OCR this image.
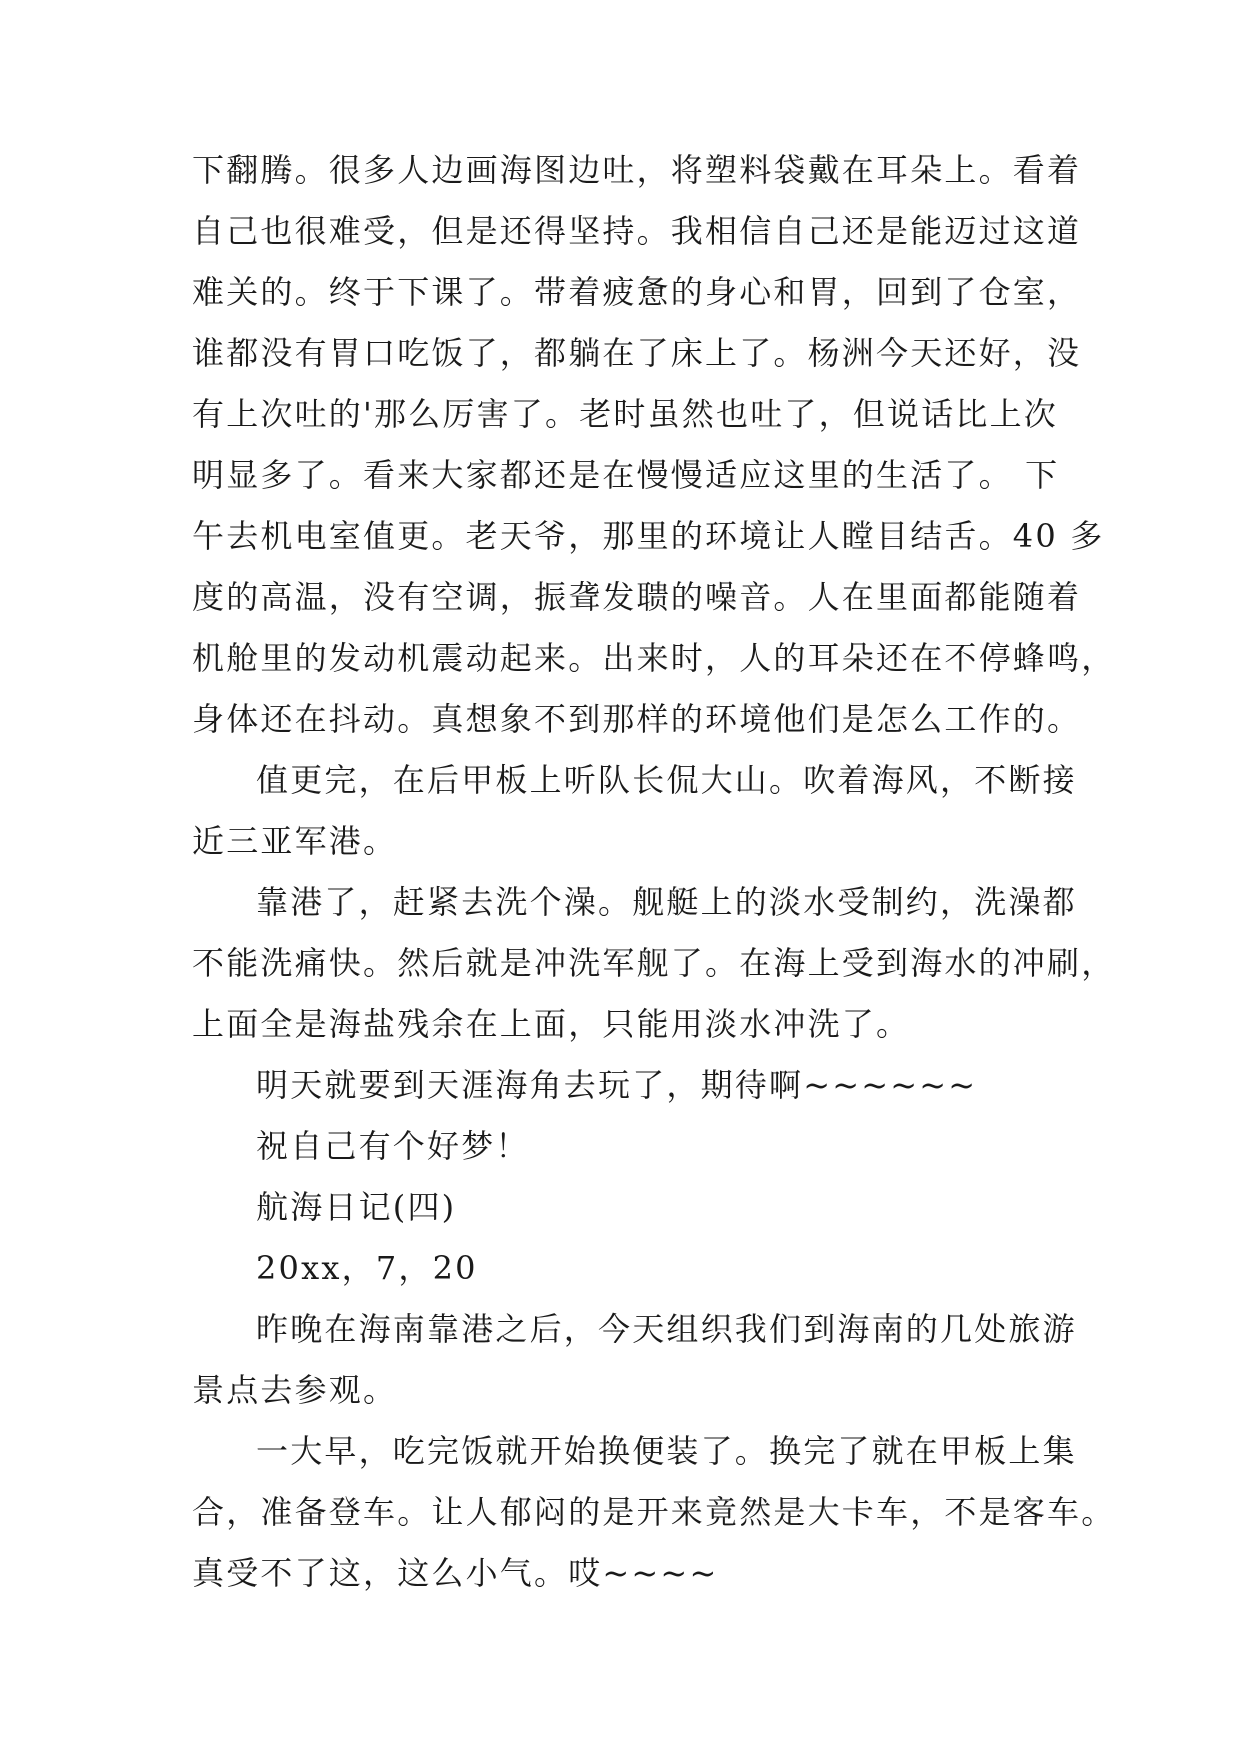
下翻腾。很多人边画海图边吐，将塑料袋戴在耳朵上。看着
自己也很难受，但是还得坚持。我相信自己还是能迈过这道
难关的。终于下课了。带着疲惫的身心和胃，回到了仓室，
谁都没有胃口吃饭了，都躺在了床上了。杨洲今天还好，没
有上次吐的'那么厉害了。老时虽然也吐了，但说话比上次
明显多了。看来大家都还是在慢慢适应这里的生活了。 下
午去机电室值更。老天爷，那里的环境让人瞠目结舌。40 多
度的高温，没有空调，振聋发聩的噪音。人在里面都能随着
机舱里的发动机震动起来。出来时，人的耳朵还在不停蜂鸣，
身体还在抖动。真想象不到那样的环境他们是怎么工作的。
值更完，在后甲板上听队长侃大山。吹着海风，不断接
近三亚军港。
靠港了，赶紧去洗个澡。舰艇上的淡水受制约，洗澡都
不能洗痛快。然后就是冲洗军舰了。在海上受到海水的冲刷，
上面全是海盐残余在上面，只能用淡水冲洗了。
明天就要到天涯海角去玩了，期待啊~~~~~~
祝自己有个好梦！
航海日记(四)
20xx，7，20
昨晚在海南靠港之后，今天组织我们到海南的几处旅游
景点去参观。
一大早，吃完饭就开始换便装了。换完了就在甲板上集
合，准备登车。让人郁闷的是开来竟然是大卡车，不是客车。
真受不了这，这么小气。哎~~~~
